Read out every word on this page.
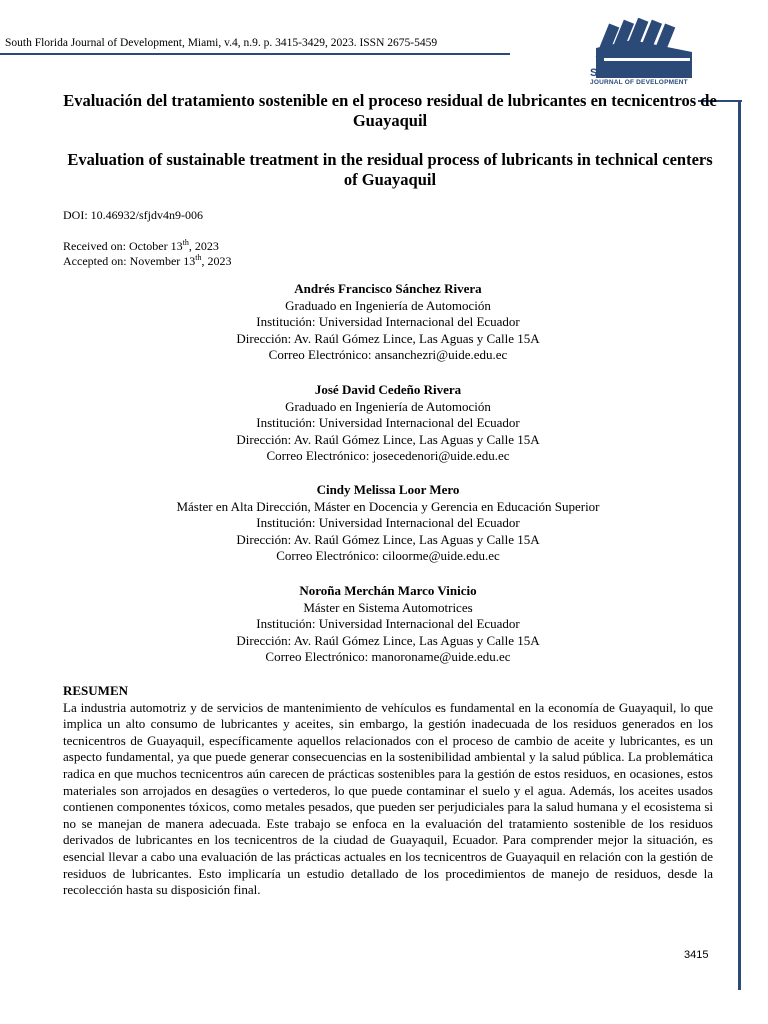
South Florida Journal of Development, Miami, v.4, n.9. p. 3415-3429, 2023. ISSN 2675-5459
SOUTH FLORIDA
JOURNAL OF DEVELOPMENT
Evaluación del tratamiento sostenible en el proceso residual de lubricantes en tecnicentros de Guayaquil
Evaluation of sustainable treatment in the residual process of lubricants in technical centers of Guayaquil
DOI: 10.46932/sfjdv4n9-006
Received on: October 13th, 2023
Accepted on: November 13th, 2023
Andrés Francisco Sánchez Rivera
Graduado en Ingeniería de Automoción
Institución: Universidad Internacional del Ecuador
Dirección: Av. Raúl Gómez Lince, Las Aguas y Calle 15A
Correo Electrónico: ansanchezri@uide.edu.ec
José David Cedeño Rivera
Graduado en Ingeniería de Automoción
Institución: Universidad Internacional del Ecuador
Dirección: Av. Raúl Gómez Lince, Las Aguas y Calle 15A
Correo Electrónico: josecedenori@uide.edu.ec
Cindy Melissa Loor Mero
Máster en Alta Dirección, Máster en Docencia y Gerencia en Educación Superior
Institución: Universidad Internacional del Ecuador
Dirección: Av. Raúl Gómez Lince, Las Aguas y Calle 15A
Correo Electrónico: ciloorme@uide.edu.ec
Noroña Merchán Marco Vinicio
Máster en Sistema Automotrices
Institución: Universidad Internacional del Ecuador
Dirección: Av. Raúl Gómez Lince, Las Aguas y Calle 15A
Correo Electrónico: manoroname@uide.edu.ec
RESUMEN
La industria automotriz y de servicios de mantenimiento de vehículos es fundamental en la economía de Guayaquil, lo que implica un alto consumo de lubricantes y aceites, sin embargo, la gestión inadecuada de los residuos generados en los tecnicentros de Guayaquil, específicamente aquellos relacionados con el proceso de cambio de aceite y lubricantes, es un aspecto fundamental, ya que puede generar consecuencias en la sostenibilidad ambiental y la salud pública. La problemática radica en que muchos tecnicentros aún carecen de prácticas sostenibles para la gestión de estos residuos, en ocasiones, estos materiales son arrojados en desagües o vertederos, lo que puede contaminar el suelo y el agua. Además, los aceites usados contienen componentes tóxicos, como metales pesados, que pueden ser perjudiciales para la salud humana y el ecosistema si no se manejan de manera adecuada. Este trabajo se enfoca en la evaluación del tratamiento sostenible de los residuos derivados de lubricantes en los tecnicentros de la ciudad de Guayaquil, Ecuador. Para comprender mejor la situación, es esencial llevar a cabo una evaluación de las prácticas actuales en los tecnicentros de Guayaquil en relación con la gestión de residuos de lubricantes. Esto implicaría un estudio detallado de los procedimientos de manejo de residuos, desde la recolección hasta su disposición final.
3415
